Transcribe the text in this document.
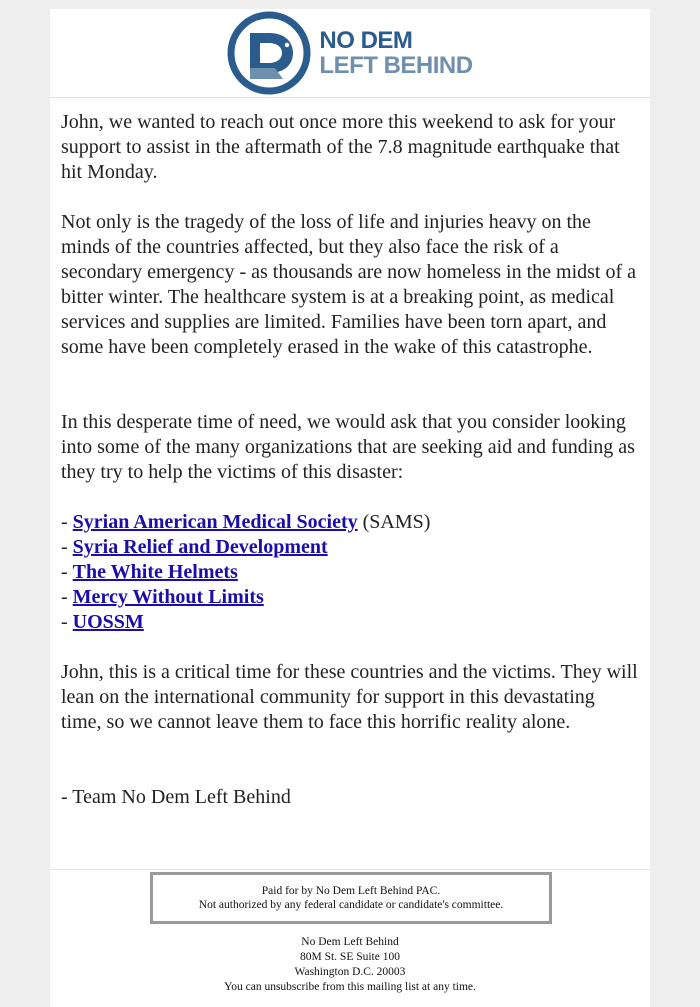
NO DEM
LEFT BEHIND

John, we wanted to reach out once more this weekend to ask for your support to assist in the aftermath of the 7.8 magnitude earthquake that hit Monday.

Not only is the tragedy of the loss of life and injuries heavy on the minds of the countries affected, but they also face the risk of a secondary emergency - as thousands are now homeless in the midst of a bitter winter. The healthcare system is at a breaking point, as medical services and supplies are limited. Families have been torn apart, and some have been completely erased in the wake of this catastrophe.

In this desperate time of need, we would ask that you consider looking into some of the many organizations that are seeking aid and funding as they try to help the victims of this disaster:

- Syrian American Medical Society (SAMS)
- Syria Relief and Development
- The White Helmets
- Mercy Without Limits
- UOSSM

John, this is a critical time for these countries and the victims. They will lean on the international community for support in this devastating time, so we cannot leave them to face this horrific reality alone.

- Team No Dem Left Behind

Paid for by No Dem Left Behind PAC.
Not authorized by any federal candidate or candidate's committee.
No Dem Left Behind
80M St. SE Suite 100
Washington D.C. 20003
You can unsubscribe from this mailing list at any time.
